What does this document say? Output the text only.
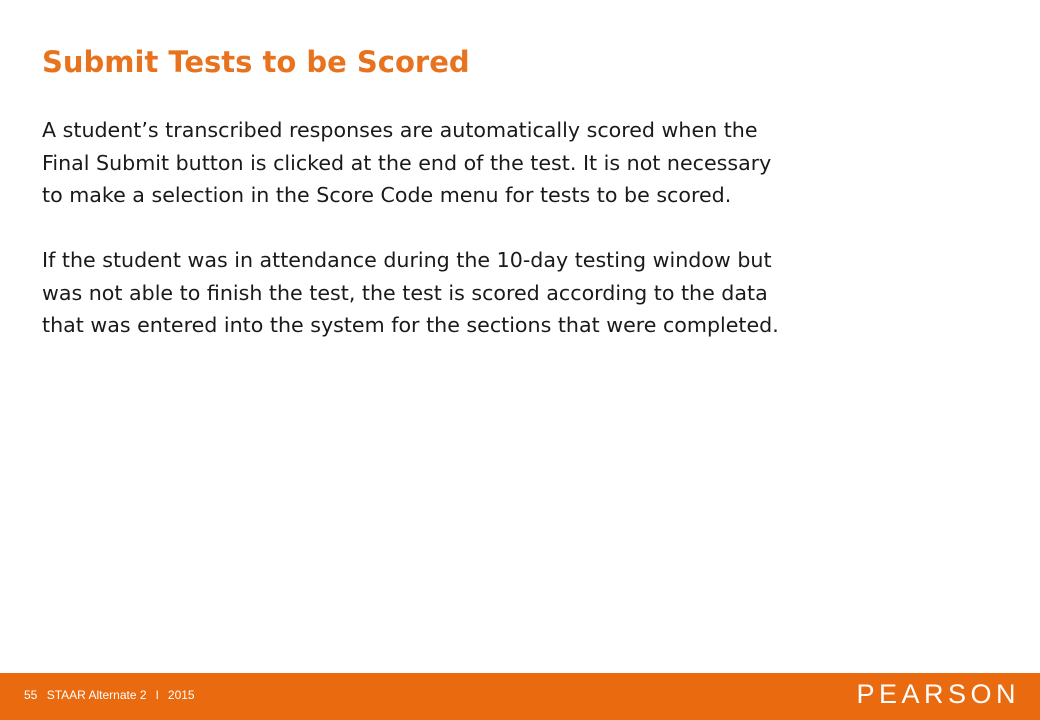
Submit Tests to be Scored

A student’s transcribed responses are automatically scored when the

Final Submit button is clicked at the end of the test. It is not necessary

to make a selection in the Score Code menu for tests to be scored.

If the student was in attendance during the 10-day testing window but

was not able to finish the test, the test is scored according to the data

that was entered into the system for the sections that were completed.

55 STAAR Alternate 2 l 2015	PEARSON
